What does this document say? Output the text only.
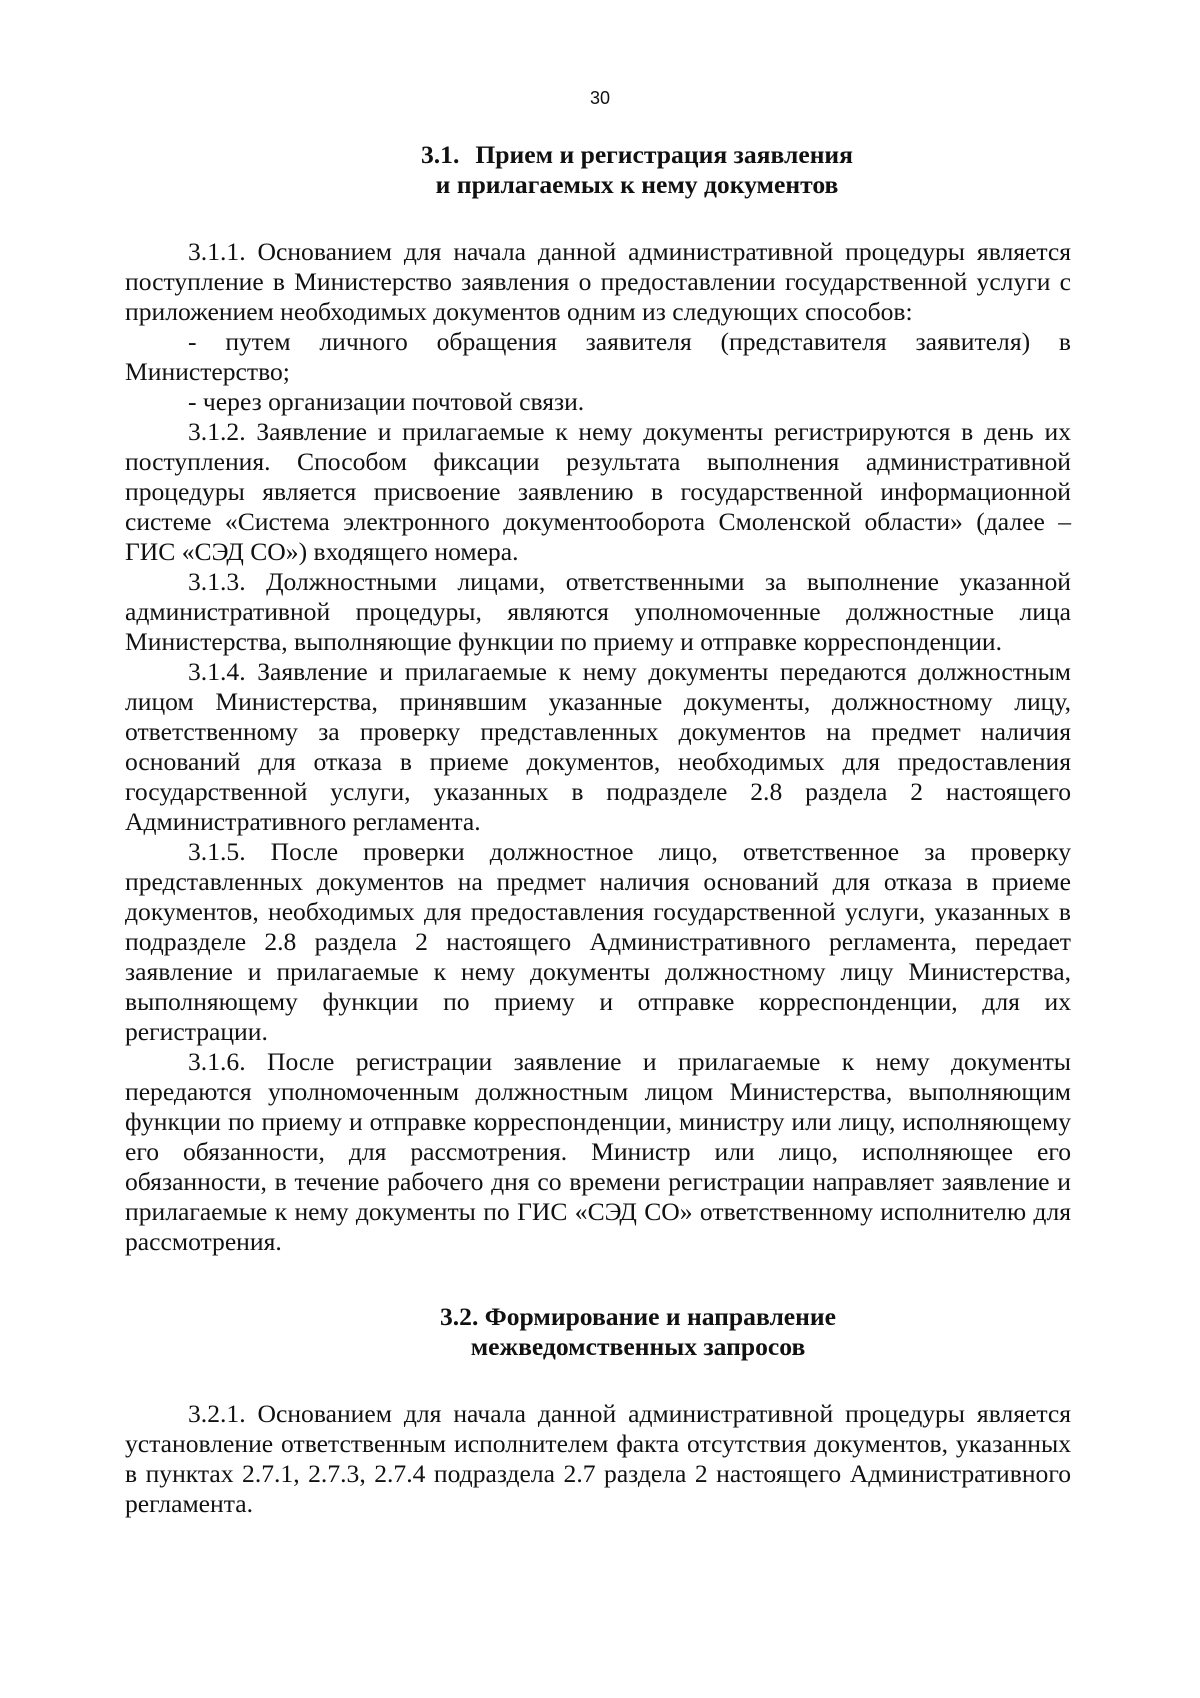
30
3.1. Прием и регистрация заявления
и прилагаемых к нему документов

3.1.1. Основанием для начала данной административной процедуры является поступление в Министерство заявления о предоставлении государственной услуги с приложением необходимых документов одним из следующих способов:

- путем личного обращения заявителя (представителя заявителя) в Министерство;

- через организации почтовой связи.

3.1.2. Заявление и прилагаемые к нему документы регистрируются в день их поступления. Способом фиксации результата выполнения административной процедуры является присвоение заявлению в государственной информационной системе «Система электронного документооборота Смоленской области» (далее – ГИС «СЭД СО») входящего номера.

3.1.3. Должностными лицами, ответственными за выполнение указанной административной процедуры, являются уполномоченные должностные лица Министерства, выполняющие функции по приему и отправке корреспонденции.

3.1.4. Заявление и прилагаемые к нему документы передаются должностным лицом Министерства, принявшим указанные документы, должностному лицу, ответственному за проверку представленных документов на предмет наличия оснований для отказа в приеме документов, необходимых для предоставления государственной услуги, указанных в подразделе 2.8 раздела 2 настоящего Административного регламента.

3.1.5. После проверки должностное лицо, ответственное за проверку представленных документов на предмет наличия оснований для отказа в приеме документов, необходимых для предоставления государственной услуги, указанных в подразделе 2.8 раздела 2 настоящего Административного регламента, передает заявление и прилагаемые к нему документы должностному лицу Министерства, выполняющему функции по приему и отправке корреспонденции, для их регистрации.

3.1.6. После регистрации заявление и прилагаемые к нему документы передаются уполномоченным должностным лицом Министерства, выполняющим функции по приему и отправке корреспонденции, министру или лицу, исполняющему его обязанности, для рассмотрения. Министр или лицо, исполняющее его обязанности, в течение рабочего дня со времени регистрации направляет заявление и прилагаемые к нему документы по ГИС «СЭД СО» ответственному исполнителю для рассмотрения.

3.2. Формирование и направление
межведомственных запросов

3.2.1. Основанием для начала данной административной процедуры является установление ответственным исполнителем факта отсутствия документов, указанных в пунктах 2.7.1, 2.7.3, 2.7.4 подраздела 2.7 раздела 2 настоящего Административного регламента.
